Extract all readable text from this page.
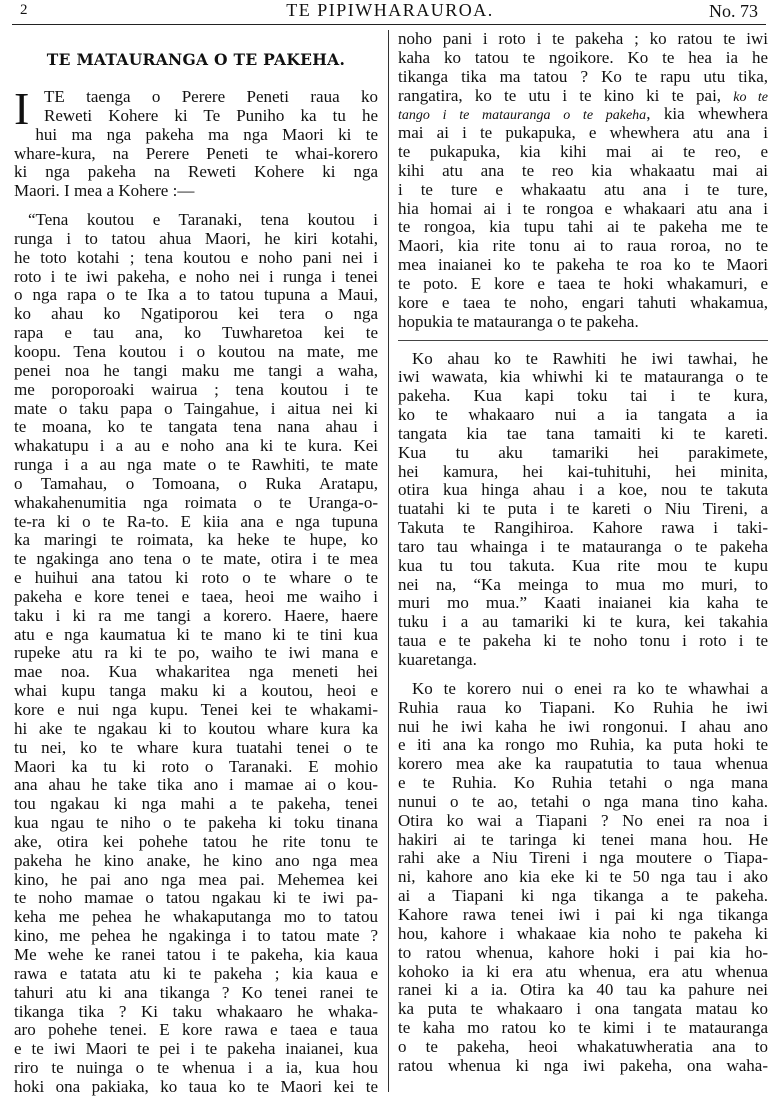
2	TE PIPIWHARAUROA.	No. 73
TE MATAURANGA O TE PAKEHA.
I TE taenga o Perere Peneti raua ko
Reweti Kohere ki Te Puniho ka tu he
hui ma nga pakeha ma nga Maori ki te
whare-kura, na Perere Peneti te whai-korero
ki nga pakeha na Reweti Kohere ki nga
Maori. I mea a Kohere :—
“Tena koutou e Taranaki, tena koutou i
runga i to tatou ahua Maori, he kiri kotahi,
he toto kotahi ; tena koutou e noho pani nei i
roto i te iwi pakeha, e noho nei i runga i tenei
o nga rapa o te Ika a to tatou tupuna a Maui,
ko ahau ko Ngatiporou kei tera o nga
rapa e tau ana, ko Tuwharetoa kei te
koopu. Tena koutou i o koutou na mate, me
penei noa he tangi maku me tangi a waha,
me poroporoaki wairua ; tena koutou i te
mate o taku papa o Taingahue, i aitua nei ki
te moana, ko te tangata tena nana ahau i
whakatupu i a au e noho ana ki te kura. Kei
runga i a au nga mate o te Rawhiti, te mate
o Tamahau, o Tomoana, o Ruka Aratapu,
whakahenumitia nga roimata o te Uranga-o-
te-ra ki o te Ra-to. E kiia ana e nga tupuna
ka maringi te roimata, ka heke te hupe, ko
te ngakinga ano tena o te mate, otira i te mea
e huihui ana tatou ki roto o te whare o te
pakeha e kore tenei e taea, heoi me waiho i
taku i ki ra me tangi a korero. Haere, haere
atu e nga kaumatua ki te mano ki te tini kua
rupeke atu ra ki te po, waiho te iwi mana e
mae noa. Kua whakaritea nga meneti hei
whai kupu tanga maku ki a koutou, heoi e
kore e nui nga kupu. Tenei kei te whakami-
hi ake te ngakau ki to koutou whare kura ka
tu nei, ko te whare kura tuatahi tenei o te
Maori ka tu ki roto o Taranaki. E mohio
ana ahau he take tika ano i mamae ai o kou-
tou ngakau ki nga mahi a te pakeha, tenei
kua ngau te niho o te pakeha ki toku tinana
ake, otira kei pohehe tatou he rite tonu te
pakeha he kino anake, he kino ano nga mea
kino, he pai ano nga mea pai. Mehemea kei
te noho mamae o tatou ngakau ki te iwi pa-
keha me pehea he whakaputanga mo to tatou
kino, me pehea he ngakinga i to tatou mate ?
Me wehe ke ranei tatou i te pakeha, kia kaua
rawa e tatata atu ki te pakeha ; kia kaua e
tahuri atu ki ana tikanga ? Ko tenei ranei te
tikanga tika ? Ki taku whakaaro he whaka-
aro pohehe tenei. E kore rawa e taea e taua
e te iwi Maori te pei i te pakeha inaianei, kua
riro te nuinga o te whenua i a ia, kua hou
hoki ona pakiaka, ko taua ko te Maori kei te
noho pani i roto i te pakeha ; ko ratou te iwi
kaha ko tatou te ngoikore. Ko te hea ia he
tikanga tika ma tatou ? Ko te rapu utu tika,
rangatira, ko te utu i te kino ki te pai, ko te
tango i te matauranga o te pakeha, kia whewhera
mai ai i te pukapuka, e whewhera atu ana i
te pukapuka, kia kihi mai ai te reo, e
kihi atu ana te reo kia whakaatu mai ai
i te ture e whakaatu atu ana i te ture,
hia homai ai i te rongoa e whakaari atu ana i
te rongoa, kia tupu tahi ai te pakeha me te
Maori, kia rite tonu ai to raua roroa, no te
mea inaianei ko te pakeha te roa ko te Maori
te poto. E kore e taea te hoki whakamuri, e
kore e taea te noho, engari tahuti whakamua,
hopukia te matauranga o te pakeha.
Ko ahau ko te Rawhiti he iwi tawhai, he
iwi wawata, kia whiwhi ki te matauranga o te
pakeha. Kua kapi toku tai i te kura,
ko te whakaaro nui a ia tangata a ia
tangata kia tae tana tamaiti ki te kareti.
Kua tu aku tamariki hei parakimete,
hei kamura, hei kai-tuhituhi, hei minita,
otira kua hinga ahau i a koe, nou te takuta
tuatahi ki te puta i te kareti o Niu Tireni, a
Takuta te Rangihiroa. Kahore rawa i taki-
taro tau whainga i te matauranga o te pakeha
kua tu tou takuta. Kua rite mou te kupu
nei na, “Ka meinga to mua mo muri, to
muri mo mua.” Kaati inaianei kia kaha te
tuku i a au tamariki ki te kura, kei takahia
taua e te pakeha ki te noho tonu i roto i te
kuaretanga.
Ko te korero nui o enei ra ko te whawhai a
Ruhia raua ko Tiapani. Ko Ruhia he iwi
nui he iwi kaha he iwi rongonui. I ahau ano
e iti ana ka rongo mo Ruhia, ka puta hoki te
korero mea ake ka raupatutia to taua whenua
e te Ruhia. Ko Ruhia tetahi o nga mana
nunui o te ao, tetahi o nga mana tino kaha.
Otira ko wai a Tiapani ? No enei ra noa i
hakiri ai te taringa ki tenei mana hou. He
rahi ake a Niu Tireni i nga moutere o Tiapa-
ni, kahore ano kia eke ki te 50 nga tau i ako
ai a Tiapani ki nga tikanga a te pakeha.
Kahore rawa tenei iwi i pai ki nga tikanga
hou, kahore i whakaae kia noho te pakeha ki
to ratou whenua, kahore hoki i pai kia ho-
kohoko ia ki era atu whenua, era atu whenua
ranei ki a ia. Otira ka 40 tau ka pahure nei
ka puta te whakaaro i ona tangata matau ko
te kaha mo ratou ko te kimi i te matauranga
o te pakeha, heoi whakatuwheratia ana to
ratou whenua ki nga iwi pakeha, ona waha-
